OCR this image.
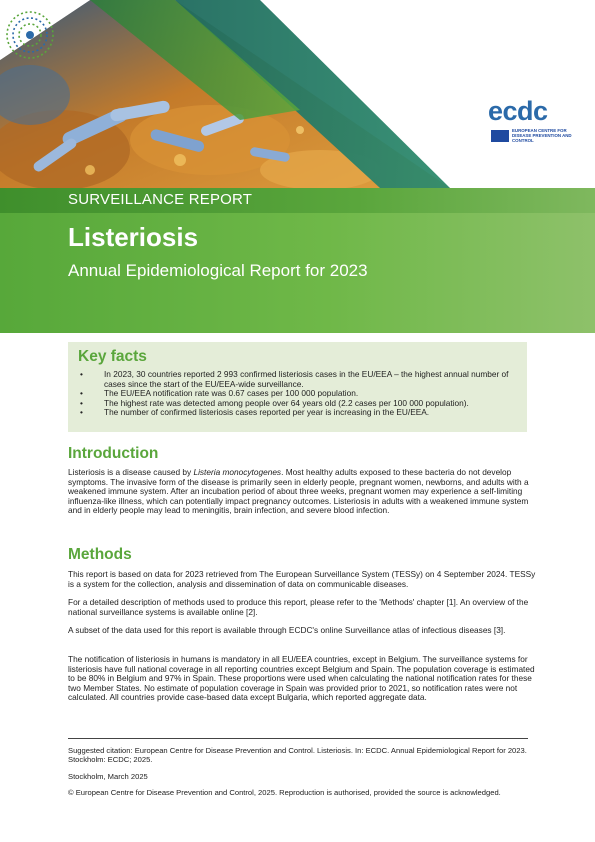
ecdc
EUROPEAN CENTRE FOR DISEASE PREVENTION AND CONTROL
SURVEILLANCE REPORT
Listeriosis
Annual Epidemiological Report for 2023
Key facts
• In 2023, 30 countries reported 2 993 confirmed listeriosis cases in the EU/EEA – the highest annual number of cases since the start of the EU/EEA-wide surveillance.
• The EU/EEA notification rate was 0.67 cases per 100 000 population.
• The highest rate was detected among people over 64 years old (2.2 cases per 100 000 population).
• The number of confirmed listeriosis cases reported per year is increasing in the EU/EEA.
Introduction

Listeriosis is a disease caused by Listeria monocytogenes. Most healthy adults exposed to these bacteria do not develop symptoms. The invasive form of the disease is primarily seen in elderly people, pregnant women, newborns, and adults with a weakened immune system. After an incubation period of about three weeks, pregnant women may experience a self-limiting influenza-like illness, which can potentially impact pregnancy outcomes. Listeriosis in adults with a weakened immune system and in elderly people may lead to meningitis, brain infection, and severe blood infection.

Methods

This report is based on data for 2023 retrieved from The European Surveillance System (TESSy) on 4 September 2024. TESSy is a system for the collection, analysis and dissemination of data on communicable diseases.

For a detailed description of methods used to produce this report, please refer to the 'Methods' chapter [1]. An overview of the national surveillance systems is available online [2].

A subset of the data used for this report is available through ECDC's online Surveillance atlas of infectious diseases [3].

The notification of listeriosis in humans is mandatory in all EU/EEA countries, except in Belgium. The surveillance systems for listeriosis have full national coverage in all reporting countries except Belgium and Spain. The population coverage is estimated to be 80% in Belgium and 97% in Spain. These proportions were used when calculating the national notification rates for these two Member States. No estimate of population coverage in Spain was provided prior to 2021, so notification rates were not calculated. All countries provide case-based data except Bulgaria, which reported aggregate data.

Suggested citation: European Centre for Disease Prevention and Control. Listeriosis. In: ECDC. Annual Epidemiological Report for 2023. Stockholm: ECDC; 2025.

Stockholm, March 2025

© European Centre for Disease Prevention and Control, 2025. Reproduction is authorised, provided the source is acknowledged.
